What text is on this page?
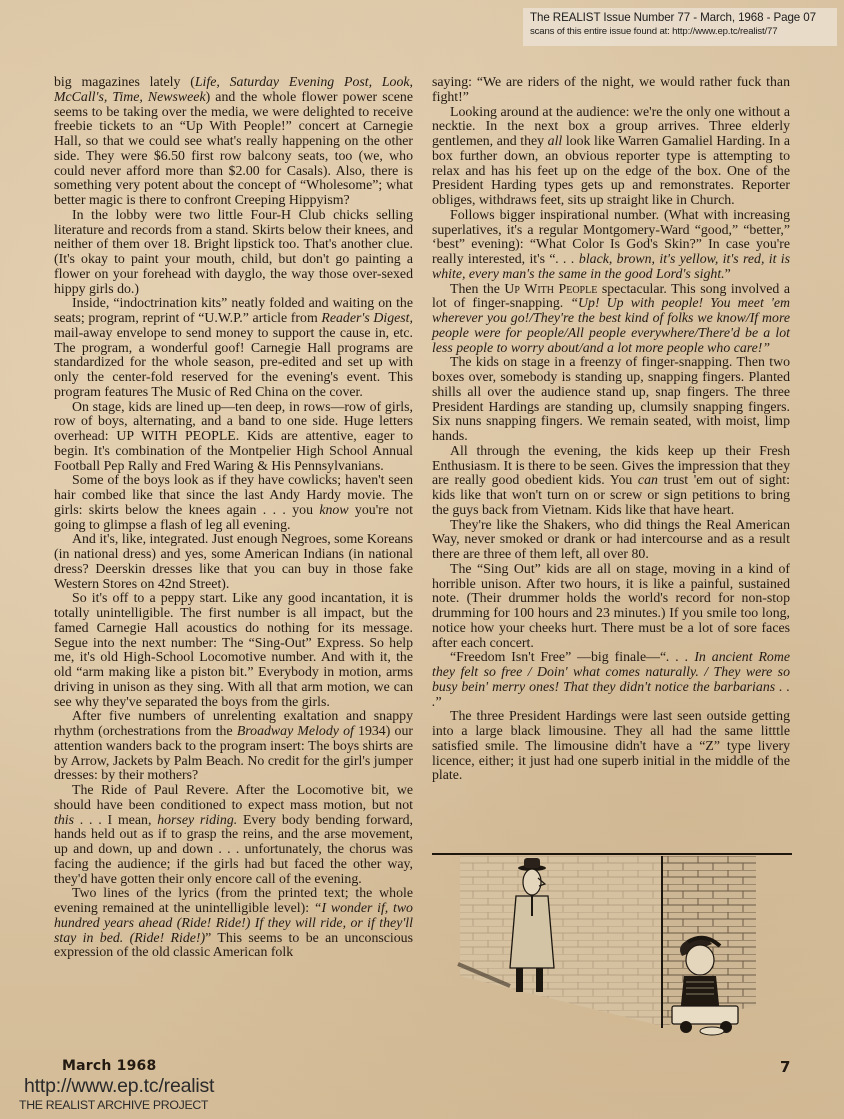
The REALIST Issue Number 77 - March, 1968 - Page 07
scans of this entire issue found at: http://www.ep.tc/realist/77

big magazines lately (Life, Saturday Evening Post, Look, McCall's, Time, Newsweek) and the whole flower power scene seems to be taking over the media, we were delighted to receive freebie tickets to an “Up With People!” concert at Carnegie Hall, so that we could see what's really happening on the other side. They were $6.50 first row balcony seats, too (we, who could never afford more than $2.00 for Casals). Also, there is something very potent about the concept of “Wholesome”; what better magic is there to confront Creeping Hippyism?

In the lobby were two little Four-H Club chicks selling literature and records from a stand. Skirts below their knees, and neither of them over 18. Bright lipstick too. That's another clue. (It's okay to paint your mouth, child, but don't go painting a flower on your forehead with dayglo, the way those over-sexed hippy girls do.)

Inside, “indoctrination kits” neatly folded and waiting on the seats; program, reprint of “U.W.P.” article from Reader's Digest, mail-away envelope to send money to support the cause in, etc. The program, a wonderful goof! Carnegie Hall programs are standardized for the whole season, pre-edited and set up with only the center-fold reserved for the evening's event. This program features The Music of Red China on the cover.

On stage, kids are lined up—ten deep, in rows—row of girls, row of boys, alternating, and a band to one side. Huge letters overhead: UP WITH PEOPLE. Kids are attentive, eager to begin. It's combination of the Montpelier High School Annual Football Pep Rally and Fred Waring & His Pennsylvanians.

Some of the boys look as if they have cowlicks; haven't seen hair combed like that since the last Andy Hardy movie. The girls: skirts below the knees again . . . you know you're not going to glimpse a flash of leg all evening.

And it's, like, integrated. Just enough Negroes, some Koreans (in national dress) and yes, some American Indians (in national dress? Deerskin dresses like that you can buy in those fake Western Stores on 42nd Street).

So it's off to a peppy start. Like any good incantation, it is totally unintelligible. The first number is all impact, but the famed Carnegie Hall acoustics do nothing for its message. Segue into the next number: The “Sing-Out” Express. So help me, it's old High-School Locomotive number. And with it, the old “arm making like a piston bit.” Everybody in motion, arms driving in unison as they sing. With all that arm motion, we can see why they've separated the boys from the girls.

After five numbers of unrelenting exaltation and snappy rhythm (orchestrations from the Broadway Melody of 1934) our attention wanders back to the program insert: The boys shirts are by Arrow, Jackets by Palm Beach. No credit for the girl's jumper dresses: by their mothers?

The Ride of Paul Revere. After the Locomotive bit, we should have been conditioned to expect mass motion, but not this . . . I mean, horsey riding. Every body bending forward, hands held out as if to grasp the reins, and the arse movement, up and down, up and down . . . unfortunately, the chorus was facing the audience; if the girls had but faced the other way, they'd have gotten their only encore call of the evening.

Two lines of the lyrics (from the printed text; the whole evening remained at the unintelligible level): “I wonder if, two hundred years ahead (Ride! Ride!) If they will ride, or if they'll stay in bed. (Ride! Ride!)” This seems to be an unconscious expression of the old classic American folk

saying: “We are riders of the night, we would rather fuck than fight!”

Looking around at the audience: we're the only one without a necktie. In the next box a group arrives. Three elderly gentlemen, and they all look like Warren Gamaliel Harding. In a box further down, an obvious reporter type is attempting to relax and has his feet up on the edge of the box. One of the President Harding types gets up and remonstrates. Reporter obliges, withdraws feet, sits up straight like in Church.

Follows bigger inspirational number. (What with increasing superlatives, it's a regular Montgomery-Ward “good,” “better,” ‘best” evening): “What Color Is God's Skin?” In case you're really interested, it's “. . . black, brown, it's yellow, it's red, it is white, every man's the same in the good Lord's sight.”

Then the Up With People spectacular. This song involved a lot of finger-snapping. “Up! Up with people! You meet 'em wherever you go!/They're the best kind of folks we know/If more people were for people/All people everywhere/There'd be a lot less people to worry about/and a lot more people who care!”

The kids on stage in a freenzy of finger-snapping. Then two boxes over, somebody is standing up, snapping fingers. Planted shills all over the audience stand up, snap fingers. The three President Hardings are standing up, clumsily snapping fingers. Six nuns snapping fingers. We remain seated, with moist, limp hands.

All through the evening, the kids keep up their Fresh Enthusiasm. It is there to be seen. Gives the impression that they are really good obedient kids. You can trust 'em out of sight: kids like that won't turn on or screw or sign petitions to bring the guys back from Vietnam. Kids like that have heart.

They're like the Shakers, who did things the Real American Way, never smoked or drank or had intercourse and as a result there are three of them left, all over 80.

The “Sing Out” kids are all on stage, moving in a kind of horrible unison. After two hours, it is like a painful, sustained note. (Their drummer holds the world's record for non-stop drumming for 100 hours and 23 minutes.) If you smile too long, notice how your cheeks hurt. There must be a lot of sore faces after each concert.

“Freedom Isn't Free” —big finale—“. . . In ancient Rome they felt so free / Doin' what comes naturally. / They were so busy bein' merry ones! That they didn't notice the barbarians . . .”

The three President Hardings were last seen outside getting into a large black limousine. They all had the same litttle satisfied smile. The limousine didn't have a “Z” type livery licence, either; it just had one superb initial in the middle of the plate.

March 1968	7
http://www.ep.tc/realist
THE REALIST ARCHIVE PROJECT
